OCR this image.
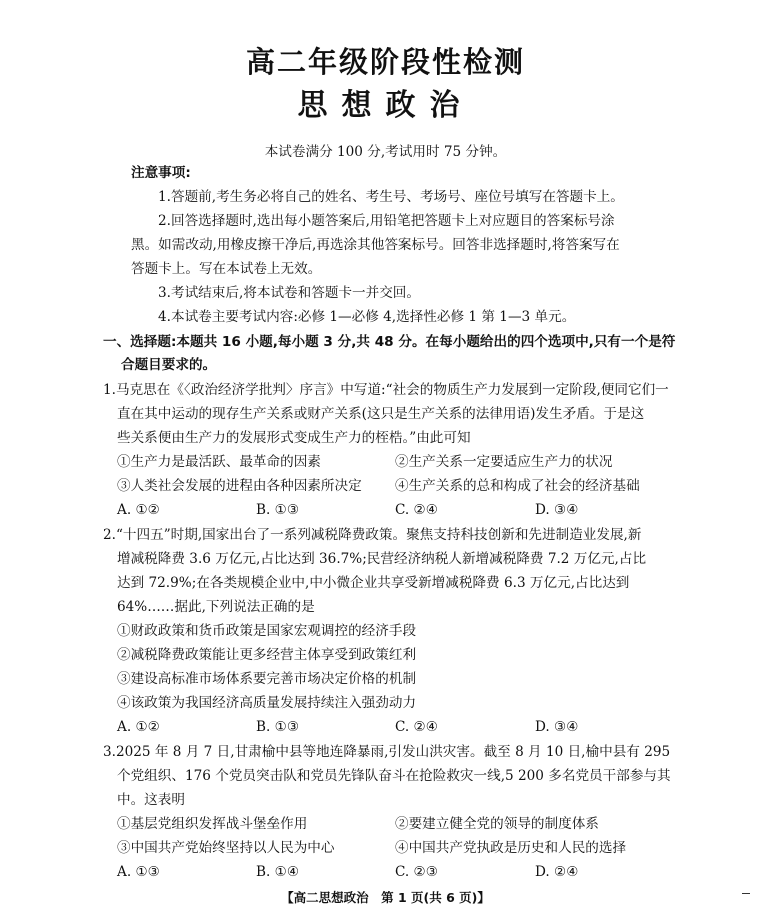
高二年级阶段性检测
思想政治
本试卷满分 100 分,考试用时 75 分钟。
注意事项:
1.答题前,考生务必将自己的姓名、考生号、考场号、座位号填写在答题卡上。
2.回答选择题时,选出每小题答案后,用铅笔把答题卡上对应题目的答案标号涂
黑。如需改动,用橡皮擦干净后,再选涂其他答案标号。回答非选择题时,将答案写在
答题卡上。写在本试卷上无效。
3.考试结束后,将本试卷和答题卡一并交回。
4.本试卷主要考试内容:必修 1—必修 4,选择性必修 1 第 1—3 单元。
一、选择题:本题共 16 小题,每小题 3 分,共 48 分。在每小题给出的四个选项中,只有一个是符
合题目要求的。
1.马克思在《〈政治经济学批判〉序言》中写道:“社会的物质生产力发展到一定阶段,便同它们一
直在其中运动的现存生产关系或财产关系(这只是生产关系的法律用语)发生矛盾。于是这
些关系便由生产力的发展形式变成生产力的桎梏。”由此可知
①生产力是最活跃、最革命的因素	②生产关系一定要适应生产力的状况
③人类社会发展的进程由各种因素所决定 ④生产关系的总和构成了社会的经济基础
A. ①②	B. ①③	C. ②④	D. ③④
2.“十四五”时期,国家出台了一系列减税降费政策。聚焦支持科技创新和先进制造业发展,新
增减税降费 3.6 万亿元,占比达到 36.7%;民营经济纳税人新增减税降费 7.2 万亿元,占比
达到 72.9%;在各类规模企业中,中小微企业共享受新增减税降费 6.3 万亿元,占比达到
64%……据此,下列说法正确的是
①财政政策和货币政策是国家宏观调控的经济手段
②减税降费政策能让更多经营主体享受到政策红利
③建设高标准市场体系要完善市场决定价格的机制
④该政策为我国经济高质量发展持续注入强劲动力
A. ①②	B. ①③	C. ②④	D. ③④
3.2025 年 8 月 7 日,甘肃榆中县等地连降暴雨,引发山洪灾害。截至 8 月 10 日,榆中县有 295
个党组织、176 个党员突击队和党员先锋队奋斗在抢险救灾一线,5 200 多名党员干部参与其
中。这表明
①基层党组织发挥战斗堡垒作用	②要建立健全党的领导的制度体系
③中国共产党始终坚持以人民为中心	④中国共产党执政是历史和人民的选择
A. ①③	B. ①④	C. ②③	D. ②④
【高二思想政治　第 1 页(共 6 页)】
